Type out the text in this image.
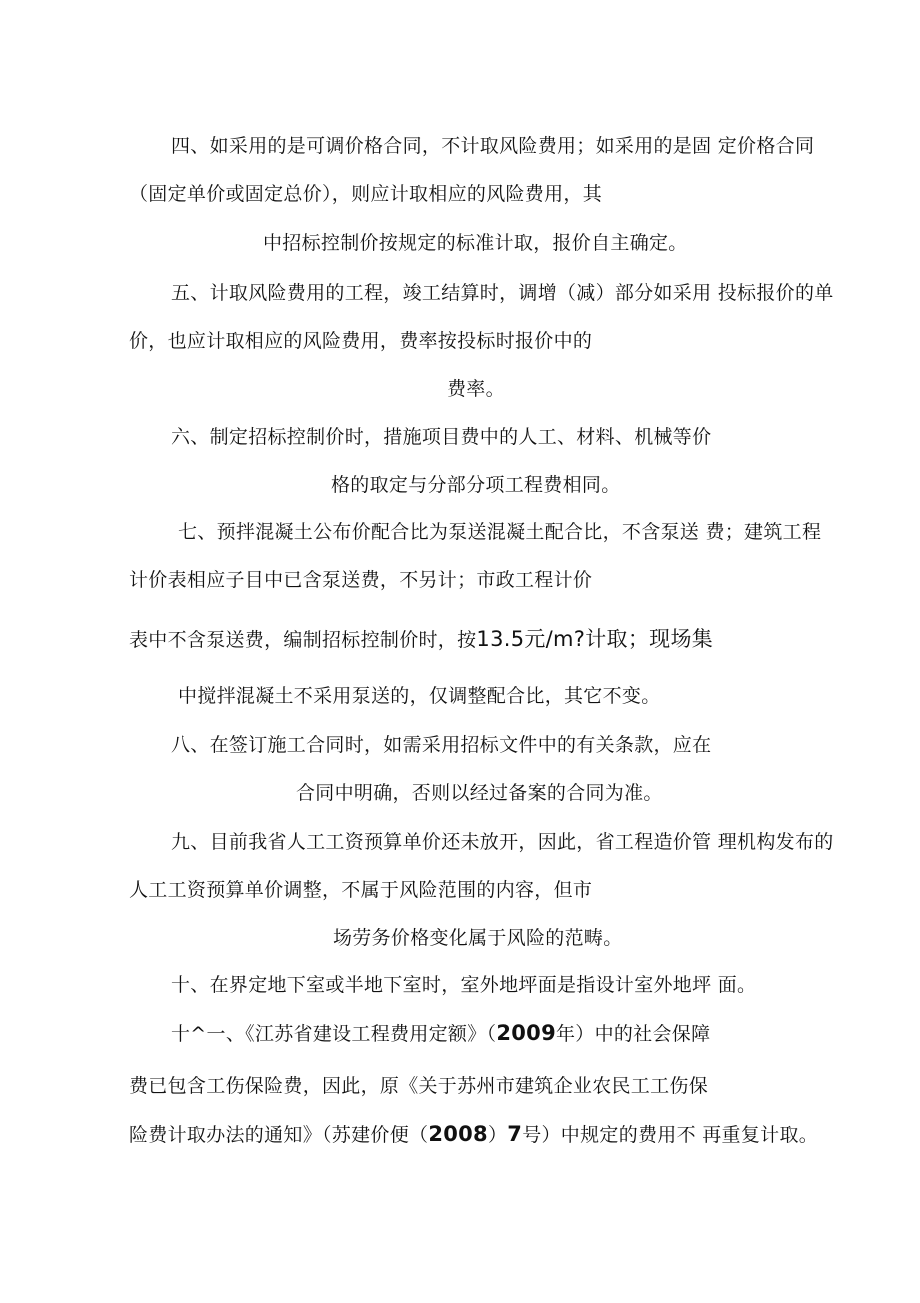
四、如采用的是可调价格合同，不计取风险费用；如采用的是固 定价格合同
（固定单价或固定总价），则应计取相应的风险费用，其
中招标控制价按规定的标准计取，报价自主确定。
五、计取风险费用的工程，竣工结算时，调增（减）部分如采用 投标报价的单
价，也应计取相应的风险费用，费率按投标时报价中的
费率。
六、制定招标控制价时，措施项目费中的人工、材料、机械等价
格的取定与分部分项工程费相同。
七、预拌混凝土公布价配合比为泵送混凝土配合比，不含泵送 费；建筑工程
计价表相应子目中已含泵送费，不另计；市政工程计价
表中不含泵送费，编制招标控制价时，按13.5元/m?计取；现场集
中搅拌混凝土不采用泵送的，仅调整配合比，其它不变。
八、在签订施工合同时，如需采用招标文件中的有关条款，应在
合同中明确，否则以经过备案的合同为准。
九、目前我省人工工资预算单价还未放开，因此，省工程造价管 理机构发布的
人工工资预算单价调整，不属于风险范围的内容，但市
场劳务价格变化属于风险的范畴。
十、在界定地下室或半地下室时，室外地坪面是指设计室外地坪 面。
十^一、《江苏省建设工程费用定额》（2009年）中的社会保障
费已包含工伤保险费，因此，原《关于苏州市建筑企业农民工工伤保
险费计取办法的通知》（苏建价便（2008）7号）中规定的费用不 再重复计取。
